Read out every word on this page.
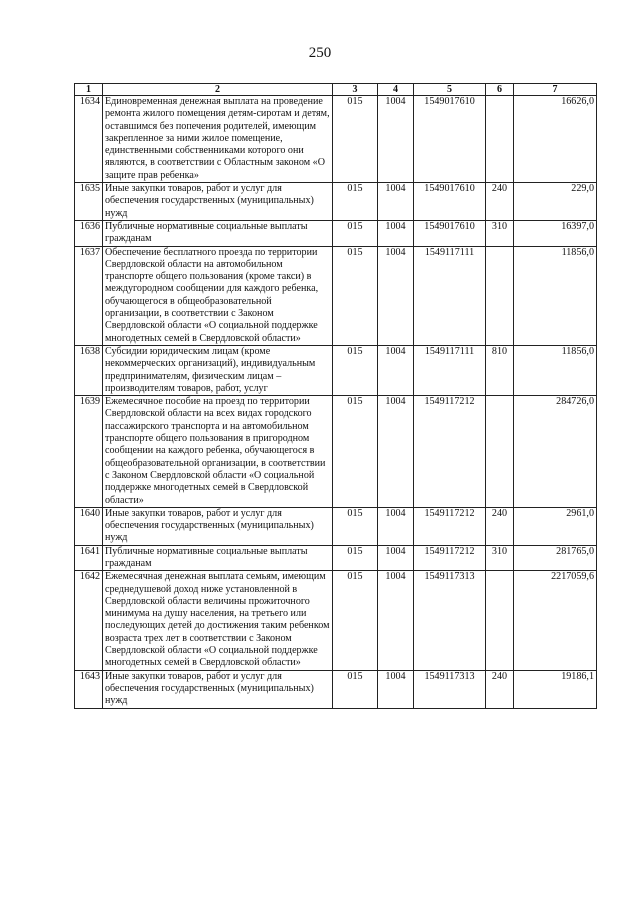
250
1	2	3	4	5	6	7
1634	Единовременная денежная выплата на проведение ремонта жилого помещения детям-сиротам и детям, оставшимся без попечения родителей, имеющим закрепленное за ними жилое помещение, единственными собственниками которого они являются, в соответствии с Областным законом «О защите прав ребенка»	015	1004	1549017610		16626,0
1635	Иные закупки товаров, работ и услуг для обеспечения государственных (муниципальных) нужд	015	1004	1549017610	240	229,0
1636	Публичные нормативные социальные выплаты гражданам	015	1004	1549017610	310	16397,0
1637	Обеспечение бесплатного проезда по территории Свердловской области на автомобильном транспорте общего пользования (кроме такси) в междугородном сообщении для каждого ребенка, обучающегося в общеобразовательной организации, в соответствии с Законом Свердловской области «О социальной поддержке многодетных семей в Свердловской области»	015	1004	1549117111		11856,0
1638	Субсидии юридическим лицам (кроме некоммерческих организаций), индивидуальным предпринимателям, физическим лицам – производителям товаров, работ, услуг	015	1004	1549117111	810	11856,0
1639	Ежемесячное пособие на проезд по территории Свердловской области на всех видах городского пассажирского транспорта и на автомобильном транспорте общего пользования в пригородном сообщении на каждого ребенка, обучающегося в общеобразовательной организации, в соответствии с Законом Свердловской области «О социальной поддержке многодетных семей в Свердловской области»	015	1004	1549117212		284726,0
1640	Иные закупки товаров, работ и услуг для обеспечения государственных (муниципальных) нужд	015	1004	1549117212	240	2961,0
1641	Публичные нормативные социальные выплаты гражданам	015	1004	1549117212	310	281765,0
1642	Ежемесячная денежная выплата семьям, имеющим среднедушевой доход ниже установленной в Свердловской области величины прожиточного минимума на душу населения, на третьего или последующих детей до достижения таким ребенком возраста трех лет в соответствии с Законом Свердловской области «О социальной поддержке многодетных семей в Свердловской области»	015	1004	1549117313		2217059,6
1643	Иные закупки товаров, работ и услуг для обеспечения государственных (муниципальных) нужд	015	1004	1549117313	240	19186,1
